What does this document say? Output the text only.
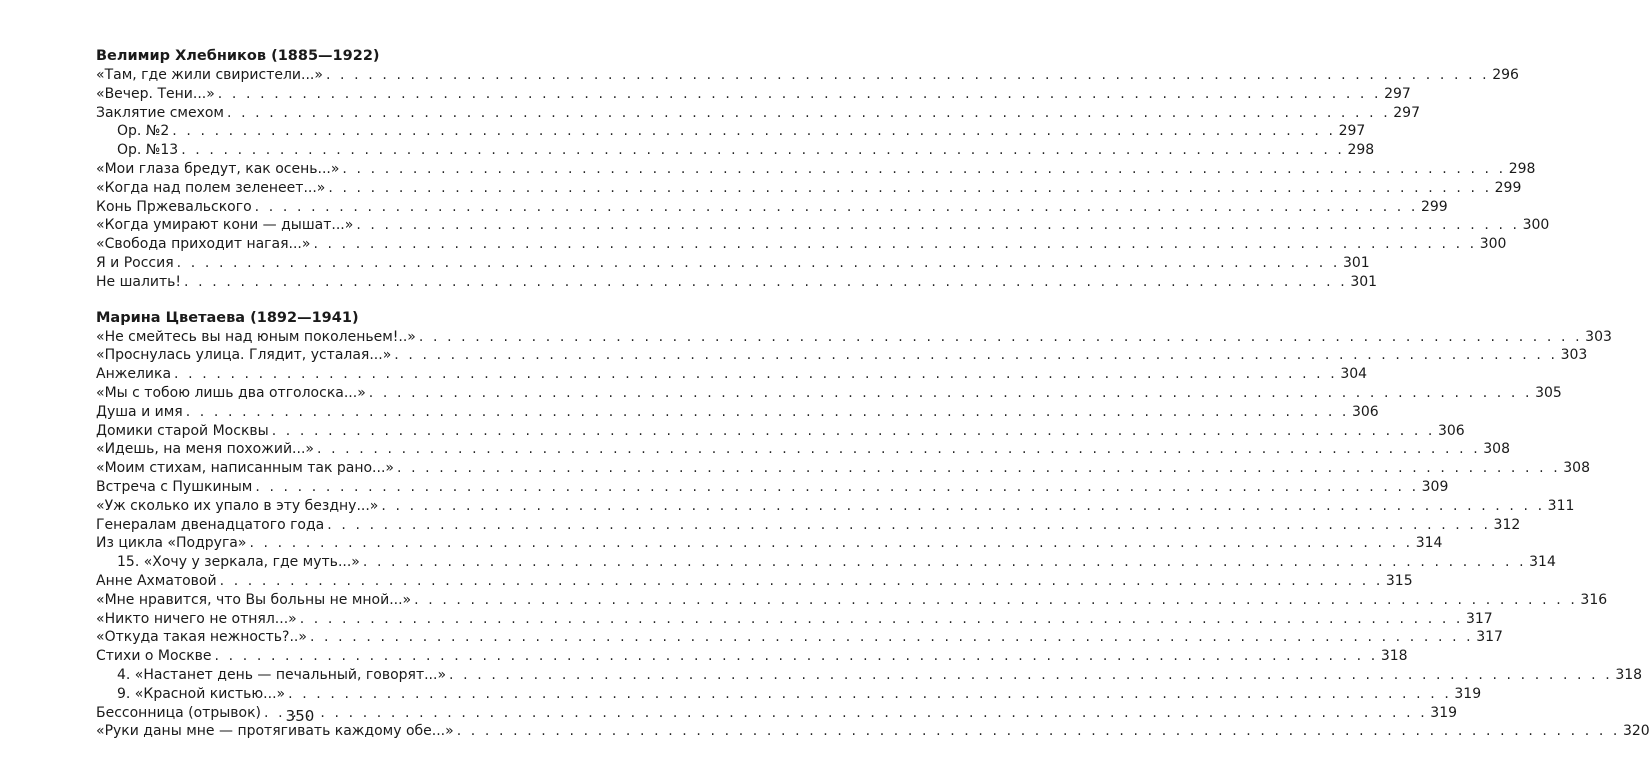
Велимир Хлебников (1885—1922)
«Там, где жили свиристели...» . . .	296
«Вечер. Тени...» . . .	297
Заклятие смехом . . .	297
Ор. №2 . . .	297
Ор. №13 . . .	298
«Мои глаза бредут, как осень...» . . .	298
«Когда над полем зеленеет...» . . .	299
Конь Пржевальского . . .	299
«Когда умирают кони — дышат...» . . .	300
«Свобода приходит нагая...» . . .	300
Я и Россия . . .	301
Не шалить! . . .	301
Марина Цветаева (1892—1941)
«Не смейтесь вы над юным поколеньем!..» . . .	303
«Проснулась улица. Глядит, усталая...» . . .	303
Анжелика . . .	304
«Мы с тобою лишь два отголоска...» . . .	305
Душа и имя . . .	306
Домики старой Москвы . . .	306
«Идешь, на меня похожий...» . . .	308
«Моим стихам, написанным так рано...» . . .	308
Встреча с Пушкиным . . .	309
«Уж сколько их упало в эту бездну...» . . .	311
Генералам двенадцатого года . . .	312
Из цикла «Подруга» . . .	314
15. «Хочу у зеркала, где муть...» . . .	314
Анне Ахматовой . . .	315
«Мне нравится, что Вы больны не мной...» . . .	316
«Никто ничего не отнял...» . . .	317
«Откуда такая нежность?..» . . .	317
Стихи о Москве . . .	318
4. «Настанет день — печальный, говорят...» . . .	318
9. «Красной кистью...» . . .	319
Бессонница (отрывок) . . .	319
«Руки даны мне — протягивать каждому обе...» . . .	320
350
